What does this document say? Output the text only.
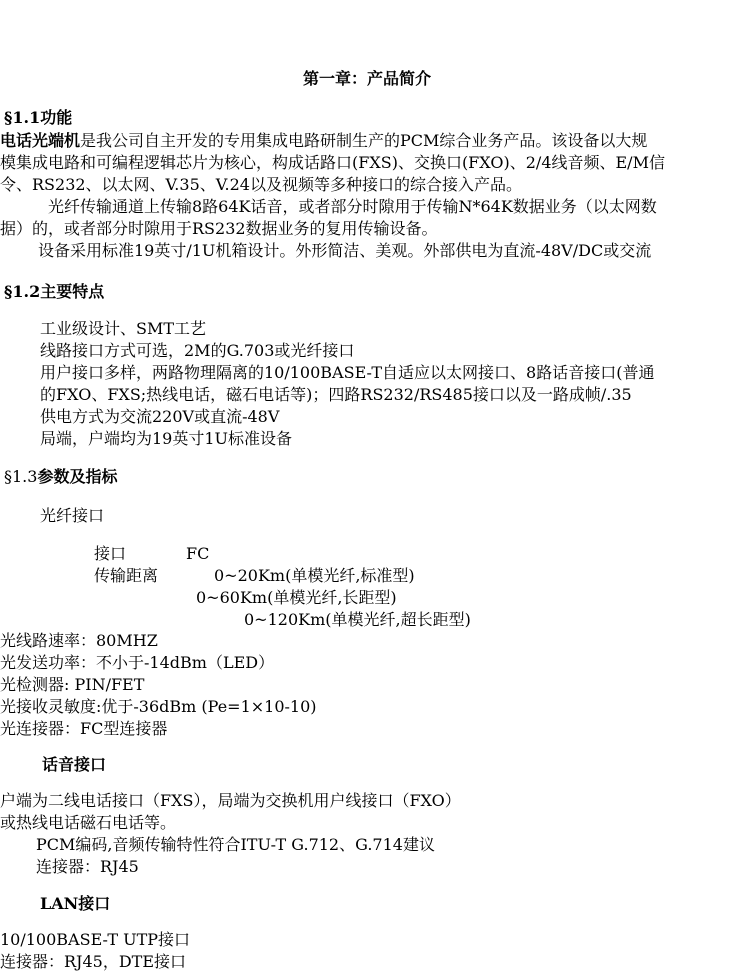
第一章：产品简介
§1.1功能
电话光端机是我公司自主开发的专用集成电路研制生产的PCM综合业务产品。该设备以大规
模集成电路和可编程逻辑芯片为核心，构成话路口(FXS)、交换口(FXO)、2/4线音频、E/M信
令、RS232、以太网、V.35、V.24以及视频等多种接口的综合接入产品。
光纤传输通道上传输8路64K话音，或者部分时隙用于传输N*64K数据业务（以太网数
据）的，或者部分时隙用于RS232数据业务的复用传输设备。
设备采用标准19英寸/1U机箱设计。外形简洁、美观。外部供电为直流-48V/DC或交流
§1.2主要特点
工业级设计、SMT工艺
线路接口方式可选，2M的G.703或光纤接口
用户接口多样，两路物理隔离的10/100BASE-T自适应以太网接口、8路话音接口(普通
的FXO、FXS;热线电话，磁石电话等)；四路RS232/RS485接口以及一路成帧/.35
供电方式为交流220V或直流-48V
局端，户端均为19英寸1U标准设备
§1.3参数及指标
光纤接口
接口	FC
传输距离	0~20Km(单模光纤,标准型)
0~60Km(单模光纤,长距型)
0~120Km(单模光纤,超长距型)
光线路速率：80MHZ
光发送功率：不小于-14dBm（LED）
光检测器: PIN/FET
光接收灵敏度:优于-36dBm (Pe=1×10-10)
光连接器：FC型连接器
话音接口
户端为二线电话接口（FXS），局端为交换机用户线接口（FXO）
或热线电话磁石电话等。
PCM编码,音频传输特性符合ITU-T G.712、G.714建议
连接器：RJ45
LAN接口
10/100BASE-T UTP接口
连接器：RJ45，DTE接口
